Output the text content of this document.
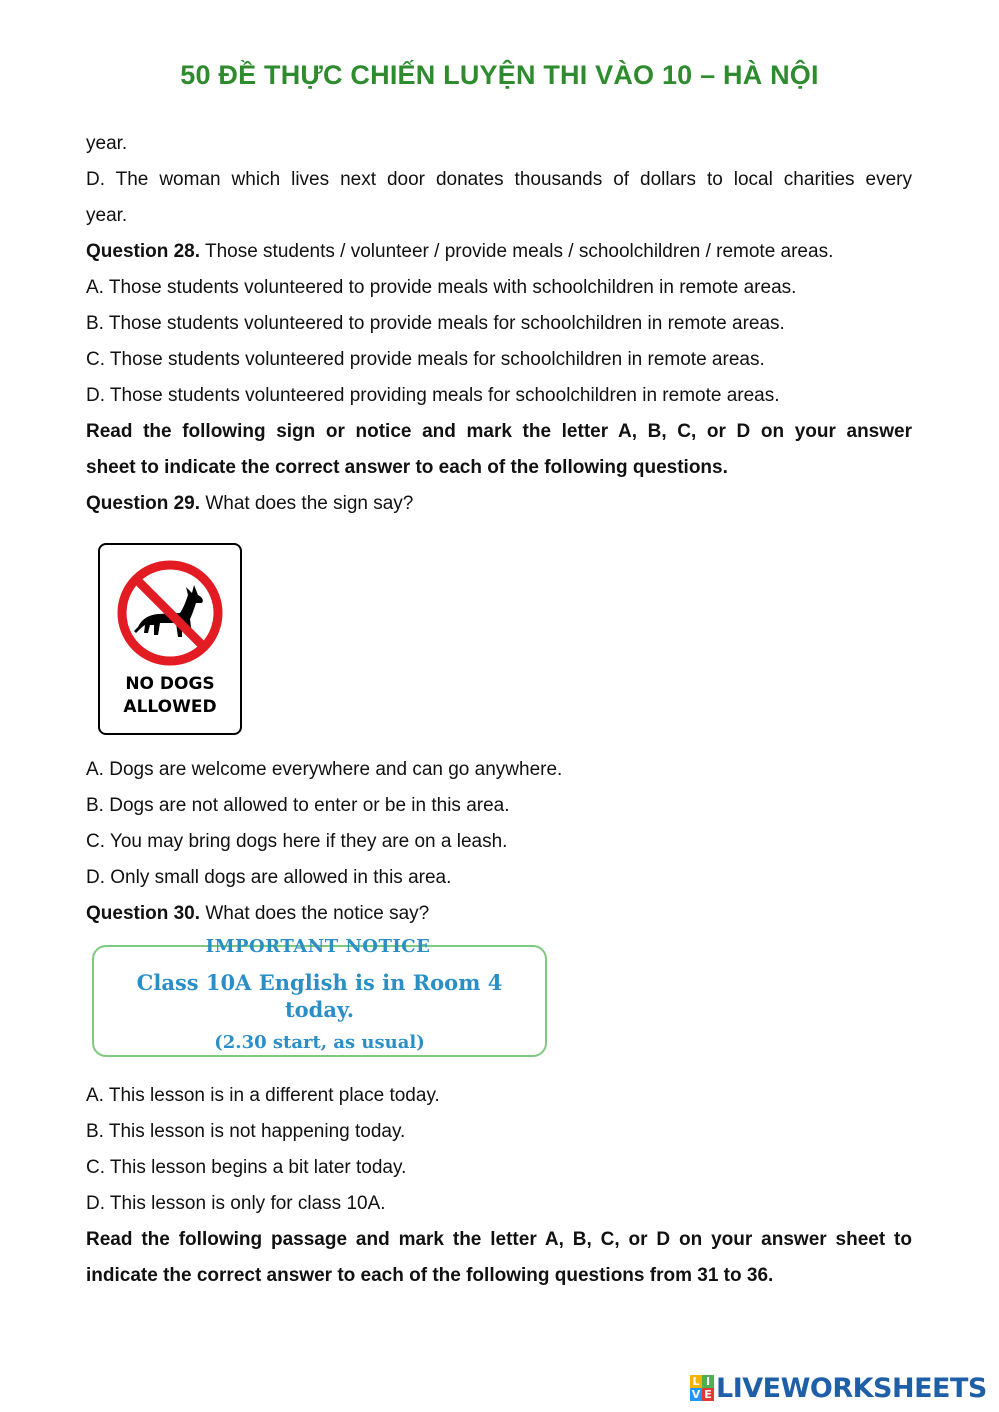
50 ĐỀ THỰC CHIẾN LUYỆN THI VÀO 10 – HÀ NỘI

year.

D. The woman which lives next door donates thousands of dollars to local charities every

year.

Question 28. Those students / volunteer / provide meals / schoolchildren / remote areas.

A. Those students volunteered to provide meals with schoolchildren in remote areas.

B. Those students volunteered to provide meals for schoolchildren in remote areas.

C. Those students volunteered provide meals for schoolchildren in remote areas.

D. Those students volunteered providing meals for schoolchildren in remote areas.

Read the following sign or notice and mark the letter A, B, C, or D on your answer

sheet to indicate the correct answer to each of the following questions.

Question 29. What does the sign say?

A. Dogs are welcome everywhere and can go anywhere.

B. Dogs are not allowed to enter or be in this area.

C. You may bring dogs here if they are on a leash.

D. Only small dogs are allowed in this area.

Question 30. What does the notice say?

A. This lesson is in a different place today.

B. This lesson is not happening today.

C. This lesson begins a bit later today.

D. This lesson is only for class 10A.

Read the following passage and mark the letter A, B, C, or D on your answer sheet to

indicate the correct answer to each of the following questions from 31 to 36.

NO DOGS
ALLOWED
Class 10A English is in Room 4
today.
(2.30 start, as usual)
IMPORTANT NOTICE
L I
V E LIVEWORKSHEETS
